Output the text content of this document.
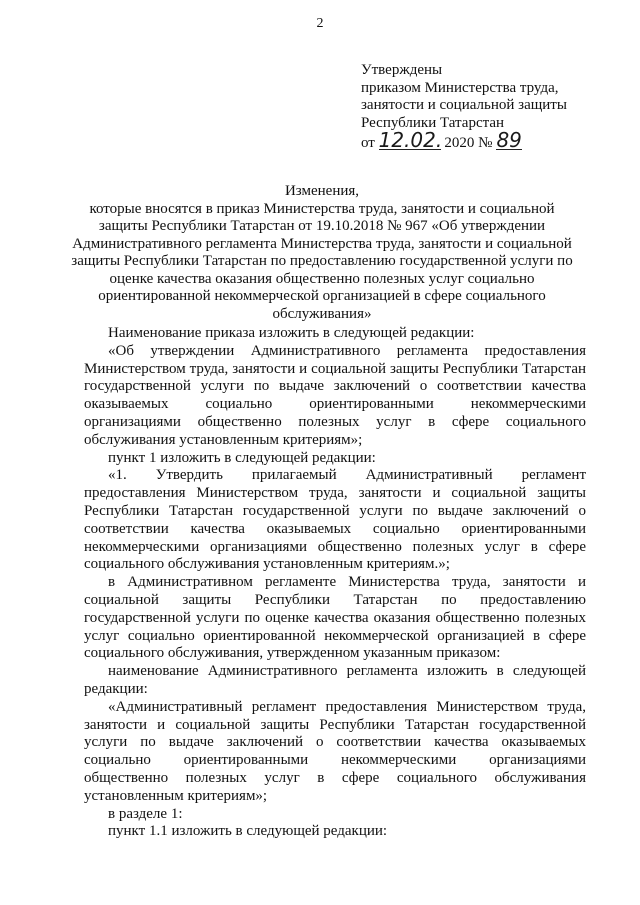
2
Утверждены
приказом Министерства труда,
занятости и социальной защиты
Республики Татарстан
от 12.02. 2020 № 89
Изменения,
которые вносятся в приказ Министерства труда, занятости и социальной
защиты Республики Татарстан от 19.10.2018 № 967 «Об утверждении
Административного регламента Министерства труда, занятости и социальной
защиты Республики Татарстан по предоставлению государственной услуги по
оценке качества оказания общественно полезных услуг социально
ориентированной некоммерческой организацией в сфере социального
обслуживания»

Наименование приказа изложить в следующей редакции:

«Об утверждении Административного регламента предоставления Министерством труда, занятости и социальной защиты Республики Татарстан государственной услуги по выдаче заключений о соответствии качества оказываемых социально ориентированными некоммерческими организациями общественно полезных услуг в сфере социального обслуживания установленным критериям»;

пункт 1 изложить в следующей редакции:

«1. Утвердить прилагаемый Административный регламент предоставления Министерством труда, занятости и социальной защиты Республики Татарстан государственной услуги по выдаче заключений о соответствии качества оказываемых социально ориентированными некоммерческими организациями общественно полезных услуг в сфере социального обслуживания установленным критериям.»;

в Административном регламенте Министерства труда, занятости и социальной защиты Республики Татарстан по предоставлению государственной услуги по оценке качества оказания общественно полезных услуг социально ориентированной некоммерческой организацией в сфере социального обслуживания, утвержденном указанным приказом:

наименование Административного регламента изложить в следующей редакции:

«Административный регламент предоставления Министерством труда, занятости и социальной защиты Республики Татарстан государственной услуги по выдаче заключений о соответствии качества оказываемых социально ориентированными некоммерческими организациями общественно полезных услуг в сфере социального обслуживания установленным критериям»;

в разделе 1:

пункт 1.1 изложить в следующей редакции:
